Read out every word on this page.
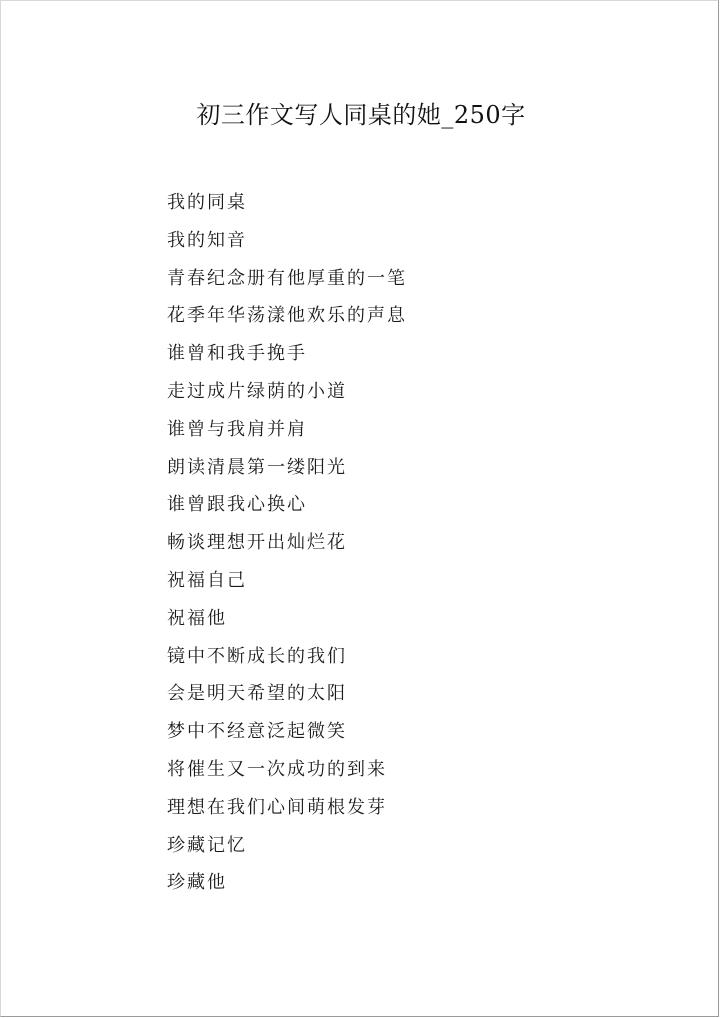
初三作文写人同桌的她_250字
我的同桌
我的知音
青春纪念册有他厚重的一笔
花季年华荡漾他欢乐的声息
谁曾和我手挽手
走过成片绿荫的小道
谁曾与我肩并肩
朗读清晨第一缕阳光
谁曾跟我心换心
畅谈理想开出灿烂花
祝福自己
祝福他
镜中不断成长的我们
会是明天希望的太阳
梦中不经意泛起微笑
将催生又一次成功的到来
理想在我们心间萌根发芽
珍藏记忆
珍藏他
